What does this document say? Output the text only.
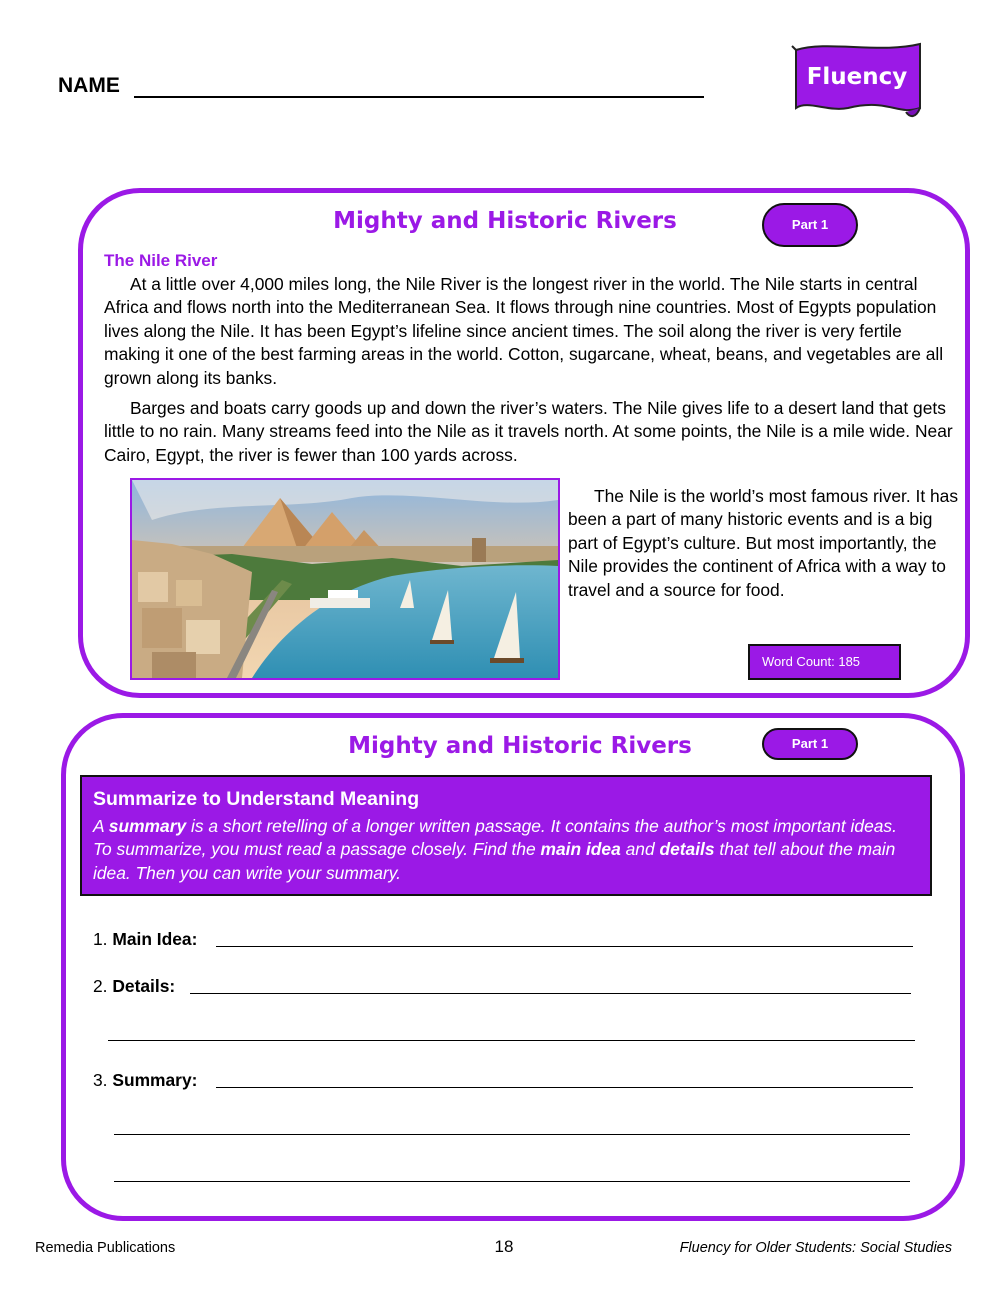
NAME	Fluency
Mighty and Historic Rivers	Part 1
The Nile River

At a little over 4,000 miles long, the Nile River is the longest river in the world. The Nile starts in central Africa and flows north into the Mediterranean Sea. It flows through nine countries. Most of Egypts population lives along the Nile. It has been Egypt’s lifeline since ancient times. The soil along the river is very fertile making it one of the best farming areas in the world. Cotton, sugarcane, wheat, beans, and vegetables are all grown along its banks.

Barges and boats carry goods up and down the river’s waters. The Nile gives life to a desert land that gets little to no rain. Many streams feed into the Nile as it travels north. At some points, the Nile is a mile wide. Near Cairo, Egypt, the river is fewer than 100 yards across.

The Nile is the world’s most famous river. It has been a part of many historic events and is a big part of Egypt’s culture. But most importantly, the Nile provides the continent of Africa with a way to travel and a source for food.

Word Count: 185
Mighty and Historic Rivers	Part 1
Summarize to Understand Meaning
A summary is a short retelling of a longer written passage. It contains the author’s most important ideas. To summarize, you must read a passage closely. Find the main idea and details that tell about the main idea. Then you can write your summary.
1. Main Idea:
2. Details:
3. Summary:
Remedia Publications	18	Fluency for Older Students: Social Studies
